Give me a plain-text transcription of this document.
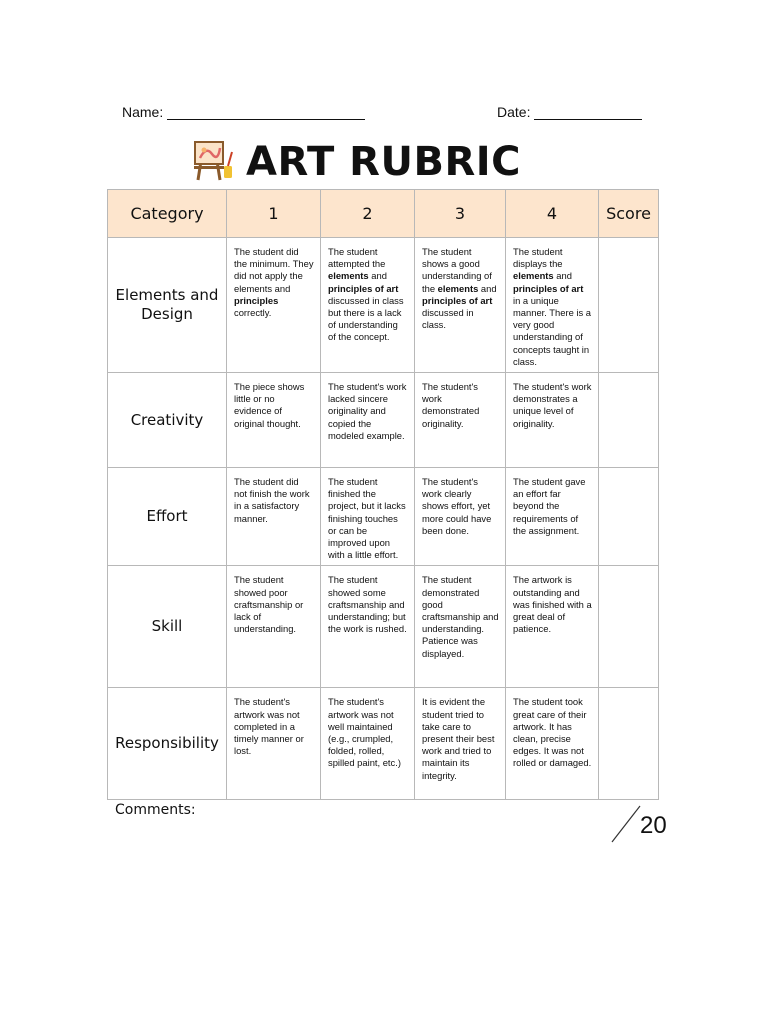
Name:	Date:
ART RUBRIC
Category	1	2	3	4	Score
Elements and Design	The student did the minimum. They did not apply the elements and principles correctly.	The student attempted the elements and principles of art discussed in class but there is a lack of understanding of the concept.	The student shows a good understanding of the elements and principles of art discussed in class.	The student displays the elements and principles of art in a unique manner. There is a very good understanding of concepts taught in class.	
Creativity	The piece shows little or no evidence of original thought.	The student's work lacked sincere originality and copied the modeled example.	The student's work demonstrated originality.	The student's work demonstrates a unique level of originality.	
Effort	The student did not finish the work in a satisfactory manner.	The student finished the project, but it lacks finishing touches or can be improved upon with a little effort.	The student's work clearly shows effort, yet more could have been done.	The student gave an effort far beyond the requirements of the assignment.	
Skill	The student showed poor craftsmanship or lack of understanding.	The student showed some craftsmanship and understanding; but the work is rushed.	The student demonstrated good craftsmanship and understanding. Patience was displayed.	The artwork is outstanding and was finished with a great deal of patience.	
Responsibility	The student's artwork was not completed in a timely manner or lost.	The student's artwork was not well maintained (e.g., crumpled, folded, rolled, spilled paint, etc.)	It is evident the student tried to take care to present their best work and tried to maintain its integrity.	The student took great care of their artwork. It has clean, precise edges. It was not rolled or damaged.	
Comments:
20
